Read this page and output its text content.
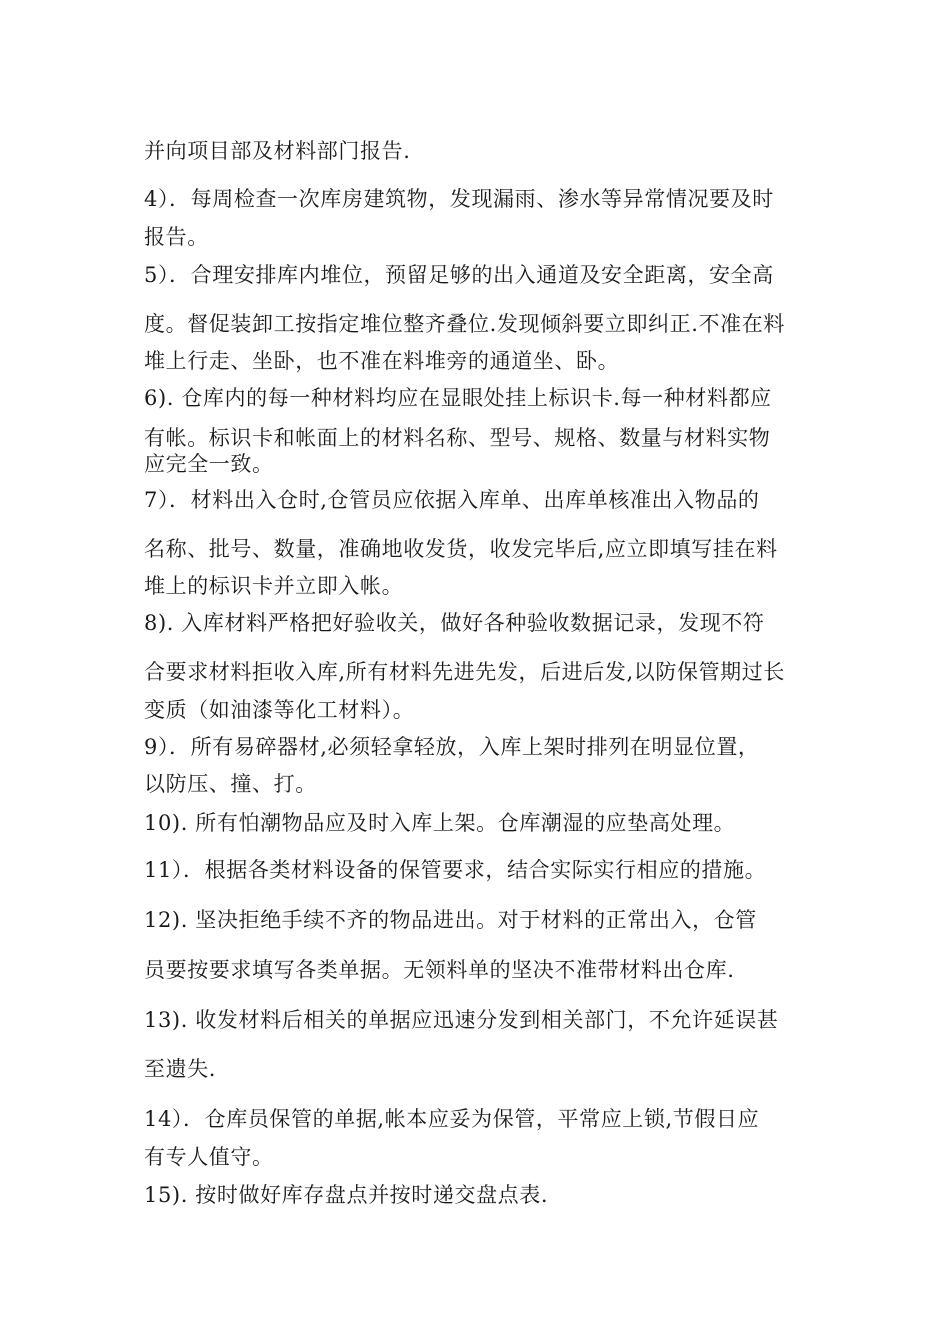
并向项目部及材料部门报告.
4）．每周检查一次库房建筑物，发现漏雨、渗水等异常情况要及时
报告。
5）．合理安排库内堆位，预留足够的出入通道及安全距离，安全高
度。督促装卸工按指定堆位整齐叠位.发现倾斜要立即纠正.不准在料
堆上行走、坐卧，也不准在料堆旁的通道坐、卧。
6). 仓库内的每一种材料均应在显眼处挂上标识卡.每一种材料都应
有帐。标识卡和帐面上的材料名称、型号、规格、数量与材料实物
应完全一致。
7）．材料出入仓时,仓管员应依据入库单、出库单核准出入物品的
名称、批号、数量，准确地收发货，收发完毕后,应立即填写挂在料
堆上的标识卡并立即入帐。
8). 入库材料严格把好验收关，做好各种验收数据记录，发现不符
合要求材料拒收入库,所有材料先进先发，后进后发,以防保管期过长
变质（如油漆等化工材料）。
9）．所有易碎器材,必须轻拿轻放，入库上架时排列在明显位置，
以防压、撞、打。
10). 所有怕潮物品应及时入库上架。仓库潮湿的应垫高处理。
11）．根据各类材料设备的保管要求，结合实际实行相应的措施。
12). 坚决拒绝手续不齐的物品进出。对于材料的正常出入，仓管
员要按要求填写各类单据。无领料单的坚决不准带材料出仓库.
13). 收发材料后相关的单据应迅速分发到相关部门，不允许延误甚
至遗失.
14）．仓库员保管的单据,帐本应妥为保管，平常应上锁,节假日应
有专人值守。
15). 按时做好库存盘点并按时递交盘点表.
